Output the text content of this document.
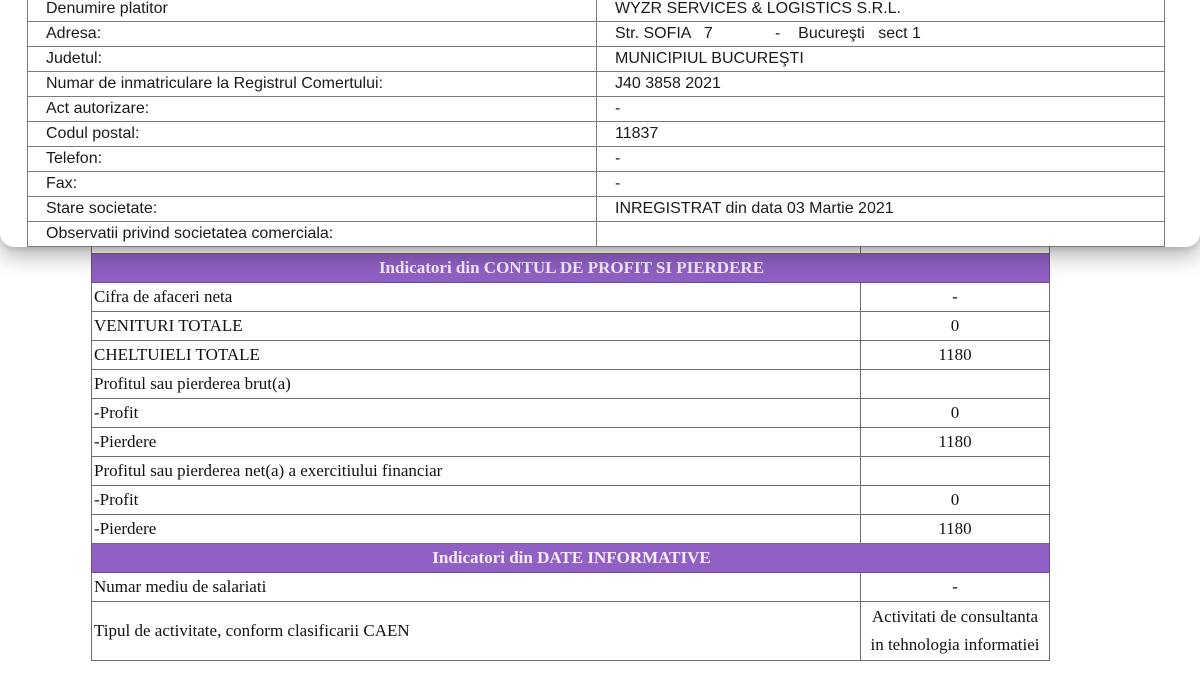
Indicatori din CONTUL DE PROFIT SI PIERDERE	
Cifra de afaceri neta	-
VENITURI TOTALE	0
CHELTUIELI TOTALE	1180
Profitul sau pierderea brut(a)	
-Profit	0
-Pierdere	1180
Profitul sau pierderea net(a) a exercitiului financiar	
-Profit	0
-Pierdere	1180
Indicatori din DATE INFORMATIVE	
Numar mediu de salariati	-
Tipul de activitate, conform clasificarii CAEN	Activitati de consultanta
in tehnologia informatiei
Denumire platitor	WYZR SERVICES & LOGISTICS S.R.L.
Adresa:	Str. SOFIA   7              -    Bucureşti   sect 1
Judetul:	MUNICIPIUL BUCUREŞTI
Numar de inmatriculare la Registrul Comertului:	J40 3858 2021
Act autorizare:	-
Codul postal:	11837
Telefon:	-
Fax:	-
Stare societate:	INREGISTRAT din data 03 Martie 2021
Observatii privind societatea comerciala:	
